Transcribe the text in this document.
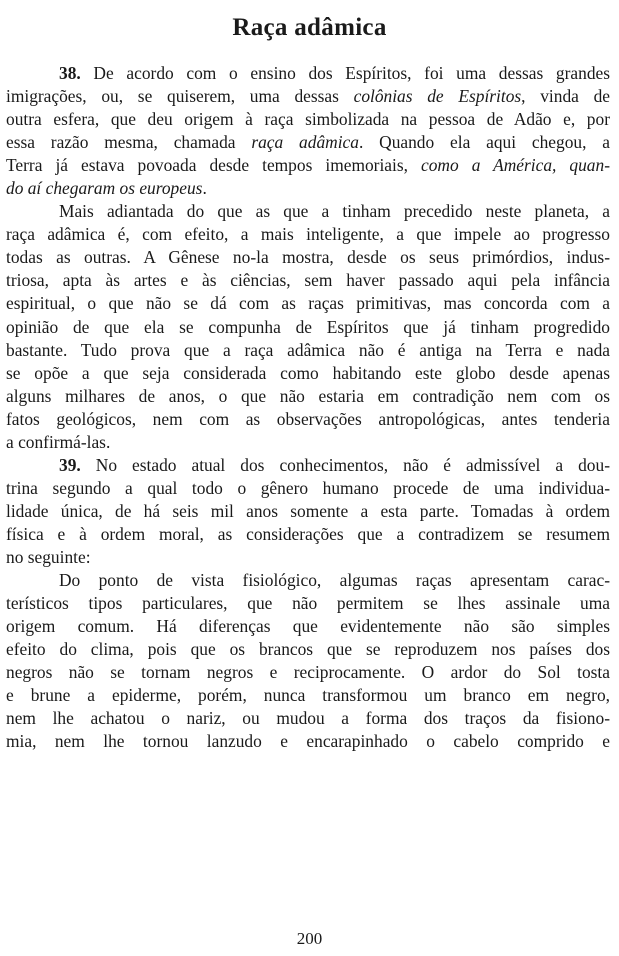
Raça adâmica
38. De acordo com o ensino dos Espíritos, foi uma dessas grandes
imigrações, ou, se quiserem, uma dessas colônias de Espíritos, vinda de
outra esfera, que deu origem à raça simbolizada na pessoa de Adão e, por
essa razão mesma, chamada raça adâmica. Quando ela aqui chegou, a
Terra já estava povoada desde tempos imemoriais, como a América, quan-
do aí chegaram os europeus.
Mais adiantada do que as que a tinham precedido neste planeta, a
raça adâmica é, com efeito, a mais inteligente, a que impele ao progresso
todas as outras. A Gênese no-la mostra, desde os seus primórdios, indus-
triosa, apta às artes e às ciências, sem haver passado aqui pela infância
espiritual, o que não se dá com as raças primitivas, mas concorda com a
opinião de que ela se compunha de Espíritos que já tinham progredido
bastante. Tudo prova que a raça adâmica não é antiga na Terra e nada
se opõe a que seja considerada como habitando este globo desde apenas
alguns milhares de anos, o que não estaria em contradição nem com os
fatos geológicos, nem com as observações antropológicas, antes tenderia
a confirmá-las.
39. No estado atual dos conhecimentos, não é admissível a dou-
trina segundo a qual todo o gênero humano procede de uma individua-
lidade única, de há seis mil anos somente a esta parte. Tomadas à ordem
física e à ordem moral, as considerações que a contradizem se resumem
no seguinte:
Do ponto de vista fisiológico, algumas raças apresentam carac-
terísticos tipos particulares, que não permitem se lhes assinale uma
origem comum. Há diferenças que evidentemente não são simples
efeito do clima, pois que os brancos que se reproduzem nos países dos
negros não se tornam negros e reciprocamente. O ardor do Sol tosta
e brune a epiderme, porém, nunca transformou um branco em negro,
nem lhe achatou o nariz, ou mudou a forma dos traços da fisiono-
mia, nem lhe tornou lanzudo e encarapinhado o cabelo comprido e
200
